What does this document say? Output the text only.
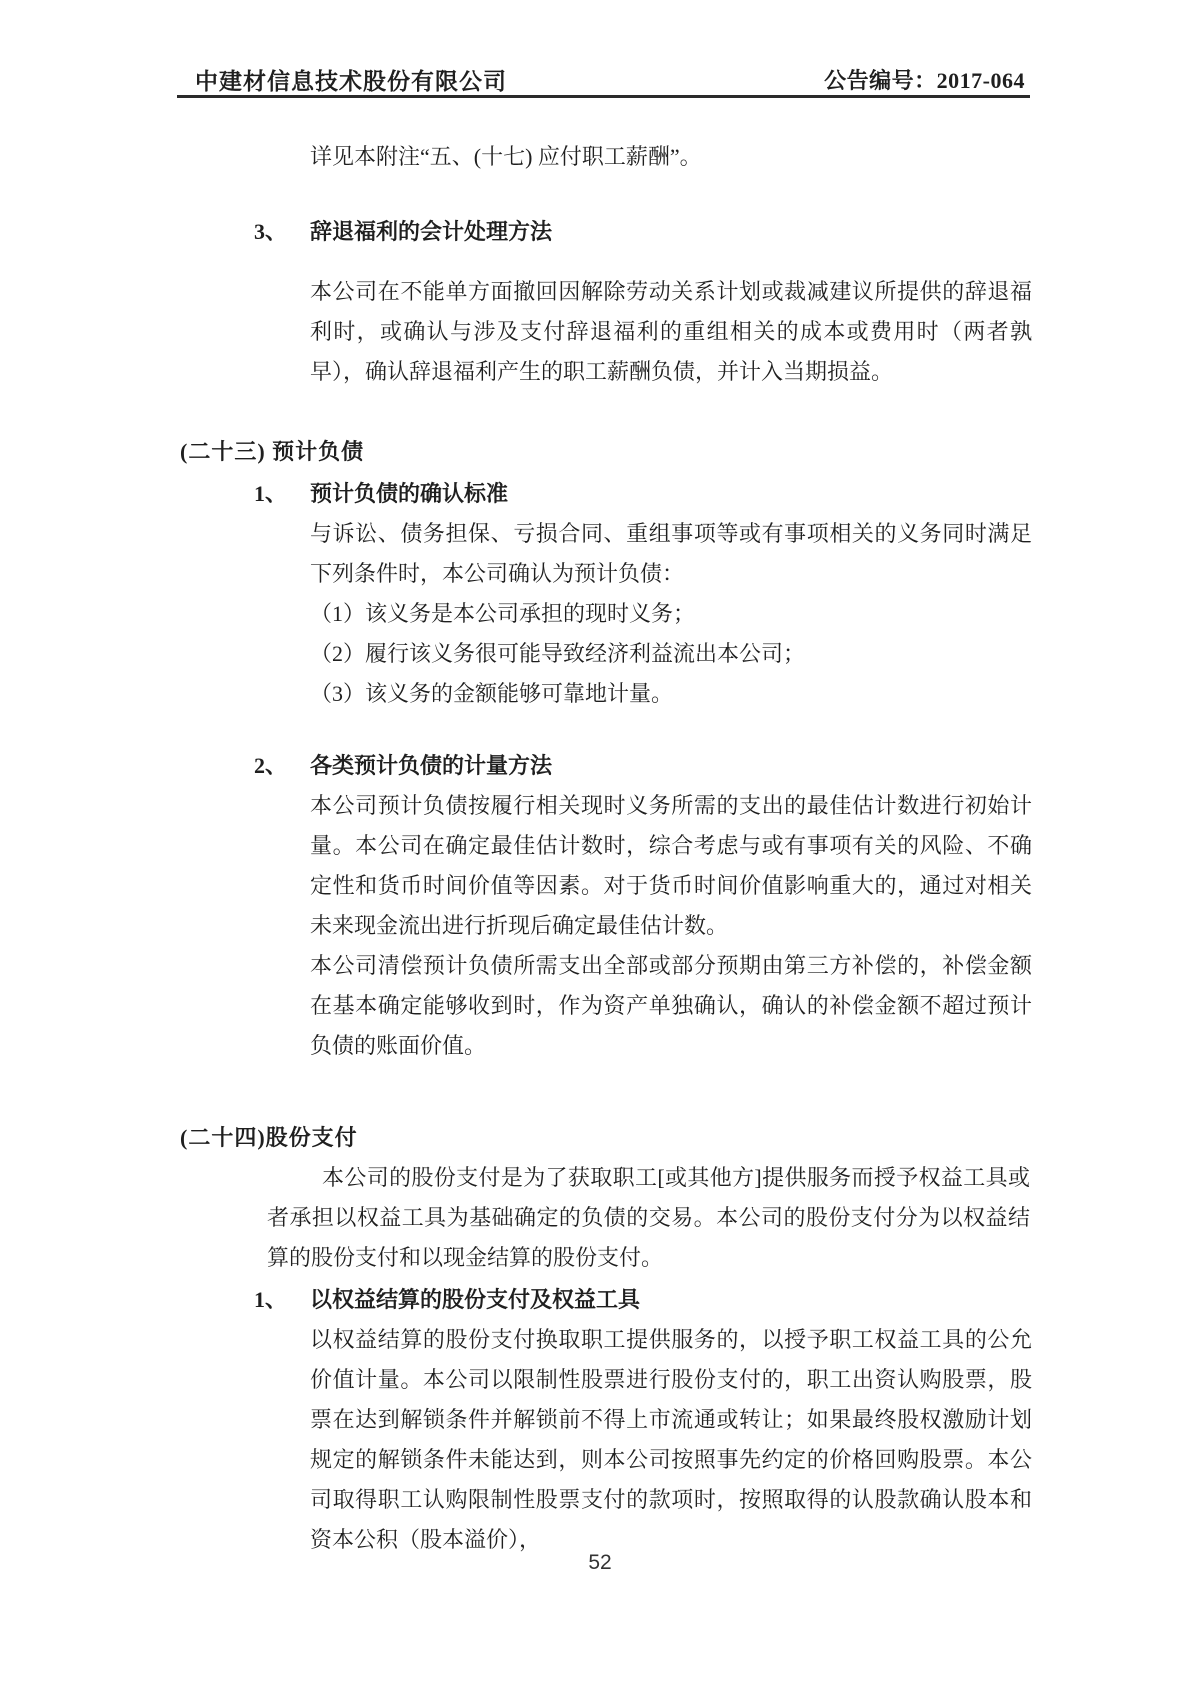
中建材信息技术股份有限公司	公告编号：2017-064
详见本附注“五、(十七) 应付职工薪酬”。
3、	辞退福利的会计处理方法
本公司在不能单方面撤回因解除劳动关系计划或裁减建议所提供的辞退福利时，或确认与涉及支付辞退福利的重组相关的成本或费用时（两者孰早），确认辞退福利产生的职工薪酬负债，并计入当期损益。
(二十三) 预计负债
1、	预计负债的确认标准
与诉讼、债务担保、亏损合同、重组事项等或有事项相关的义务同时满足下列条件时，本公司确认为预计负债：
（1）该义务是本公司承担的现时义务；
（2）履行该义务很可能导致经济利益流出本公司；
（3）该义务的金额能够可靠地计量。
2、	各类预计负债的计量方法
本公司预计负债按履行相关现时义务所需的支出的最佳估计数进行初始计量。本公司在确定最佳估计数时，综合考虑与或有事项有关的风险、不确定性和货币时间价值等因素。对于货币时间价值影响重大的，通过对相关未来现金流出进行折现后确定最佳估计数。
本公司清偿预计负债所需支出全部或部分预期由第三方补偿的，补偿金额在基本确定能够收到时，作为资产单独确认，确认的补偿金额不超过预计负债的账面价值。
(二十四)股份支付
本公司的股份支付是为了获取职工[或其他方]提供服务而授予权益工具或者承担以权益工具为基础确定的负债的交易。本公司的股份支付分为以权益结算的股份支付和以现金结算的股份支付。
1、	以权益结算的股份支付及权益工具
以权益结算的股份支付换取职工提供服务的，以授予职工权益工具的公允价值计量。本公司以限制性股票进行股份支付的，职工出资认购股票，股票在达到解锁条件并解锁前不得上市流通或转让；如果最终股权激励计划规定的解锁条件未能达到，则本公司按照事先约定的价格回购股票。本公司取得职工认购限制性股票支付的款项时，按照取得的认股款确认股本和资本公积（股本溢价），
52
